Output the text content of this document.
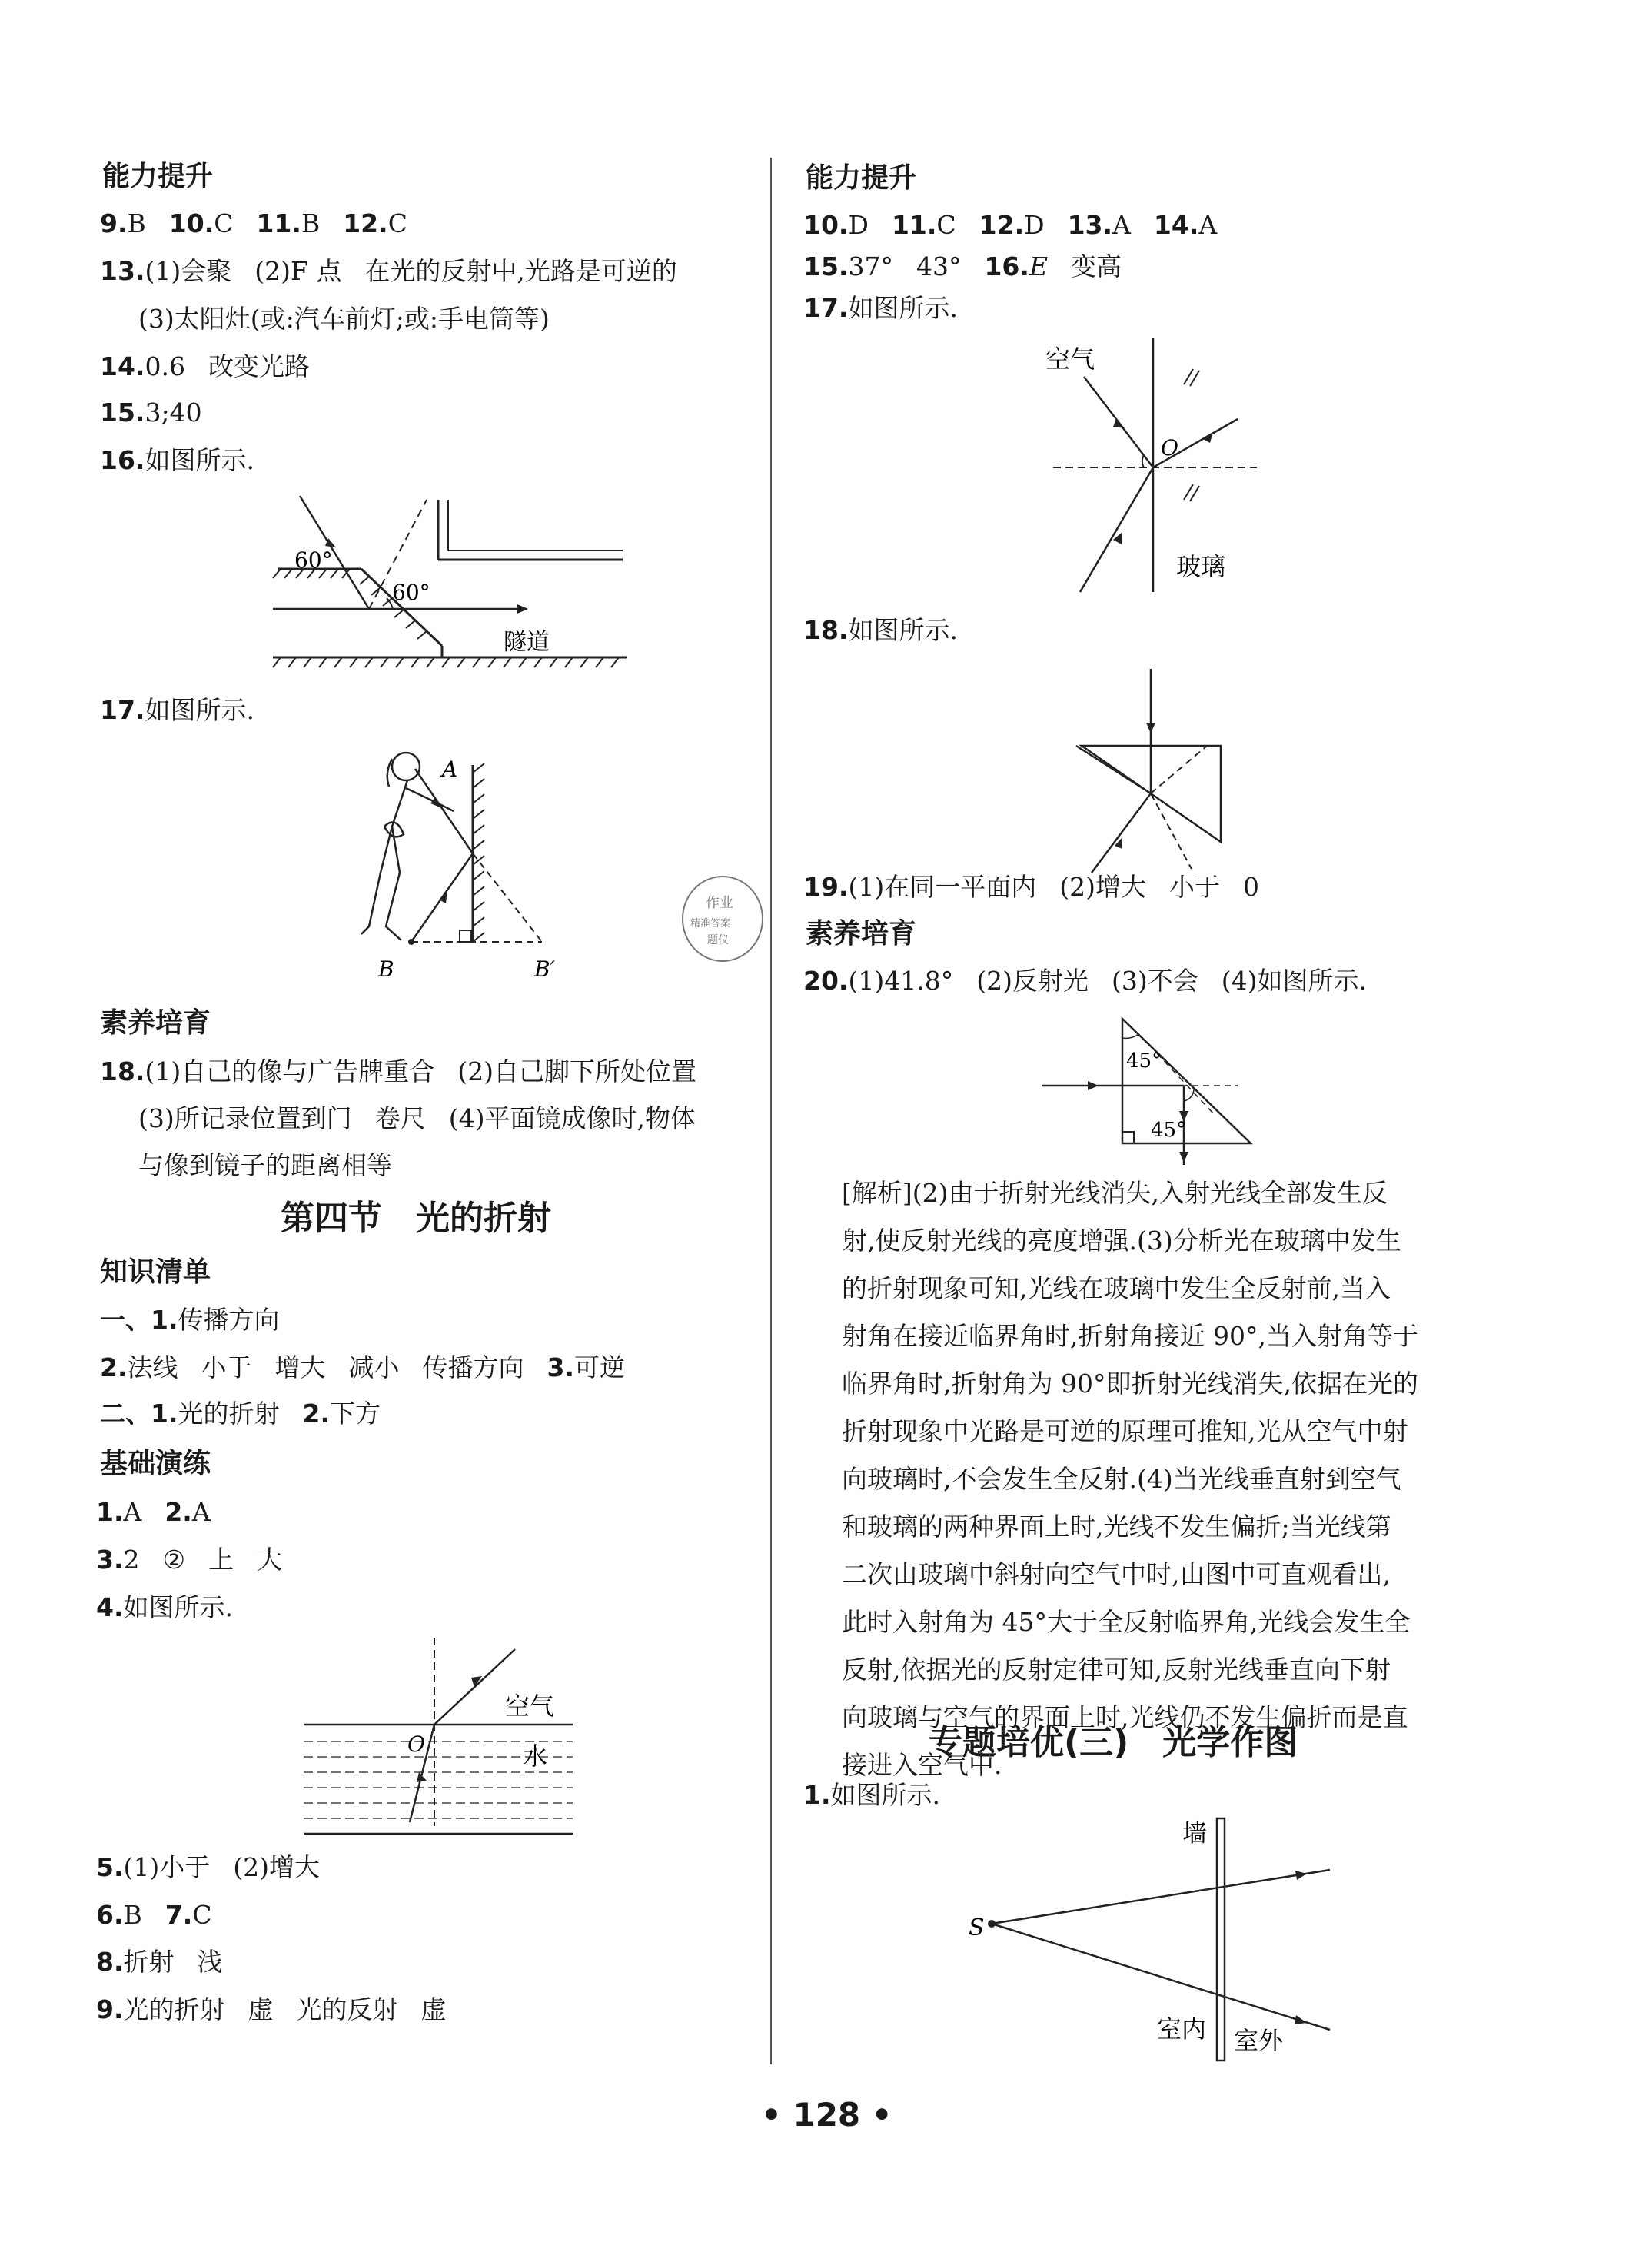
能力提升
9.B 10.C 11.B 12.C
13.(1)会聚 (2)F 点 在光的反射中,光路是可逆的
(3)太阳灶(或:汽车前灯;或:手电筒等)
14.0.6 改变光路
15.3;40
16.如图所示.
60°
60°
隧道
17.如图所示.
A
B	B′
作业
精准答案
题仪
素养培育
18.(1)自己的像与广告牌重合 (2)自己脚下所处位置
(3)所记录位置到门 卷尺 (4)平面镜成像时,物体
与像到镜子的距离相等
第四节　光的折射
知识清单
一、1.传播方向
2.法线 小于 增大 减小 传播方向 3.可逆
二、1.光的折射 2.下方
基础演练
1.A 2.A
3.2 ② 上 大
4.如图所示.
空气
水
O
5.(1)小于 (2)增大
6.B 7.C
8.折射 浅
9.光的折射 虚 光的反射 虚
能力提升
10.D 11.C 12.D 13.A 14.A
15.37° 43° 16.E 变高
17.如图所示.
空气
玻璃
O
18.如图所示.
19.(1)在同一平面内 (2)增大 小于 0
素养培育
20.(1)41.8° (2)反射光 (3)不会 (4)如图所示.
45°
45°
[解析](2)由于折射光线消失,入射光线全部发生反
射,使反射光线的亮度增强.(3)分析光在玻璃中发生
的折射现象可知,光线在玻璃中发生全反射前,当入
射角在接近临界角时,折射角接近 90°,当入射角等于
临界角时,折射角为 90°即折射光线消失,依据在光的
折射现象中光路是可逆的原理可推知,光从空气中射
向玻璃时,不会发生全反射.(4)当光线垂直射到空气
和玻璃的两种界面上时,光线不发生偏折;当光线第
二次由玻璃中斜射向空气中时,由图中可直观看出,
此时入射角为 45°大于全反射临界角,光线会发生全
反射,依据光的反射定律可知,反射光线垂直向下射
向玻璃与空气的界面上时,光线仍不发生偏折而是直
接进入空气中.
专题培优(三)　光学作图
1.如图所示.
墙
S
室内 室外
• 128 •
